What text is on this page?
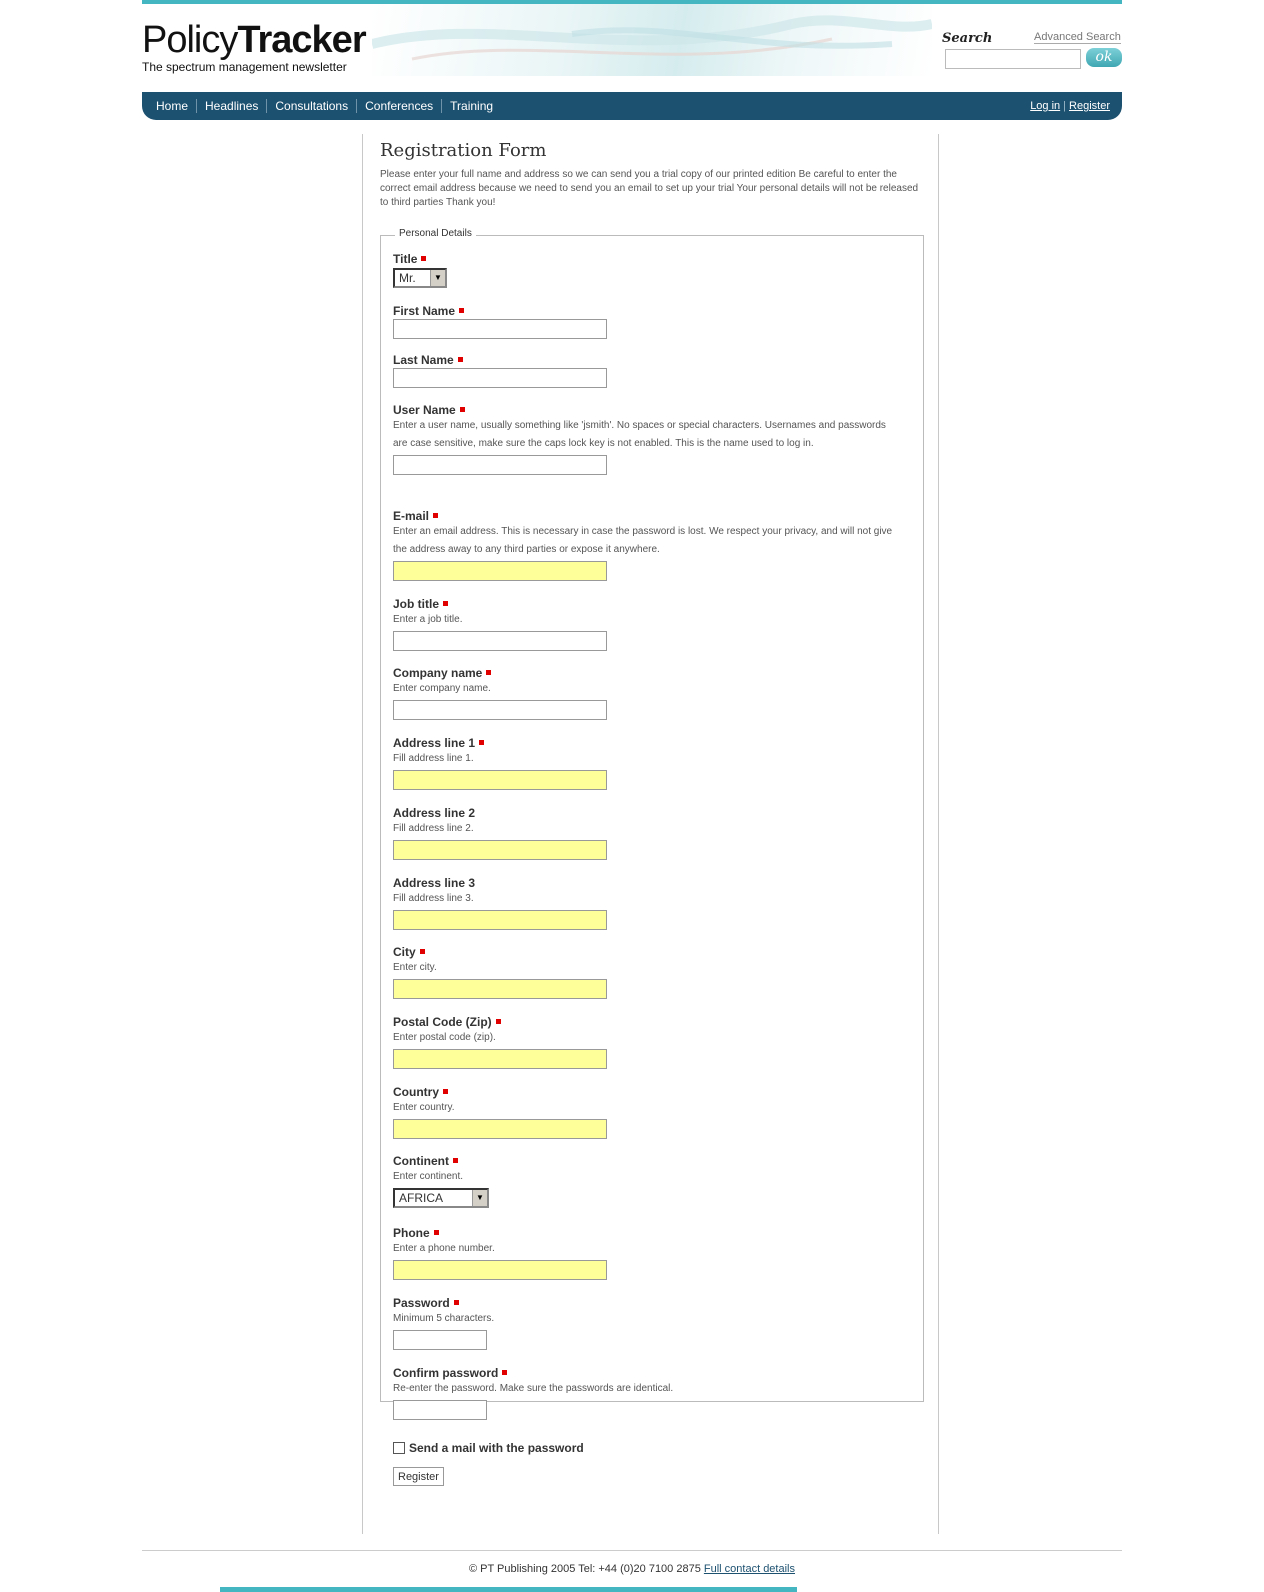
PolicyTracker
The spectrum management newsletter
Search	Advanced Search
ok
Home	Headlines	Consultations	Conferences	Training	Log in | Register
Registration Form
Please enter your full name and address so we can send you a trial copy of our printed edition Be careful to enter the correct email address because we need to send you an email to set up your trial Your personal details will not be released to third parties Thank you!
Personal Details
Title
Mr.	▼
First Name
Last Name
User Name
Enter a user name, usually something like 'jsmith'. No spaces or special characters. Usernames and passwords are case sensitive, make sure the caps lock key is not enabled. This is the name used to log in.
E-mail
Enter an email address. This is necessary in case the password is lost. We respect your privacy, and will not give the address away to any third parties or expose it anywhere.
Job title
Enter a job title.
Company name
Enter company name.
Address line 1
Fill address line 1.
Address line 2
Fill address line 2.
Address line 3
Fill address line 3.
City
Enter city.
Postal Code (Zip)
Enter postal code (zip).
Country
Enter country.
Continent
Enter continent.
AFRICA	▼
Phone
Enter a phone number.
Password
Minimum 5 characters.
Confirm password
Re-enter the password. Make sure the passwords are identical.
Send a mail with the password
Register
© PT Publishing 2005 Tel: +44 (0)20 7100 2875 Full contact details
